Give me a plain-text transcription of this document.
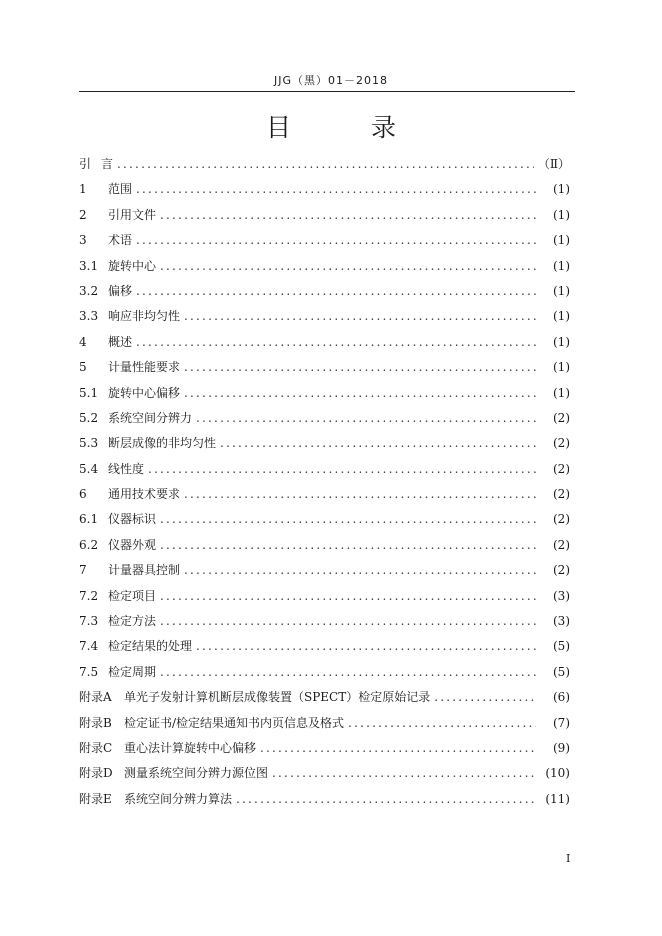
JJG（黑）01－2018
目 录
引 言 .....	（Ⅱ）
1	范围 .....	(1)
2	引用文件 .....	(1)
3	术语 .....	(1)
3.1 旋转中心 .....	(1)
3.2 偏移 .....	(1)
3.3 响应非均匀性 .....	(1)
4	概述 .....	(1)
5	计量性能要求 .....	(1)
5.1 旋转中心偏移 .....	(1)
5.2 系统空间分辨力 .....	(2)
5.3 断层成像的非均匀性 .....	(2)
5.4 线性度 .....	(2)
6	通用技术要求 .....	(2)
6.1 仪器标识 .....	(2)
6.2 仪器外观 .....	(2)
7	计量器具控制 .....	(2)
7.2 检定项目 .....	(3)
7.3 检定方法 .....	(3)
7.4 检定结果的处理 .....	(5)
7.5 检定周期 .....	(5)
附录A	单光子发射计算机断层成像装置（SPECT）检定原始记录 .....	(6)
附录B	检定证书/检定结果通知书内页信息及格式 .....	(7)
附录C 重心法计算旋转中心偏移 .....	(9)
附录D 测量系统空间分辨力源位图 .....	(10)
附录E	系统空间分辨力算法 .....	(11)
I
